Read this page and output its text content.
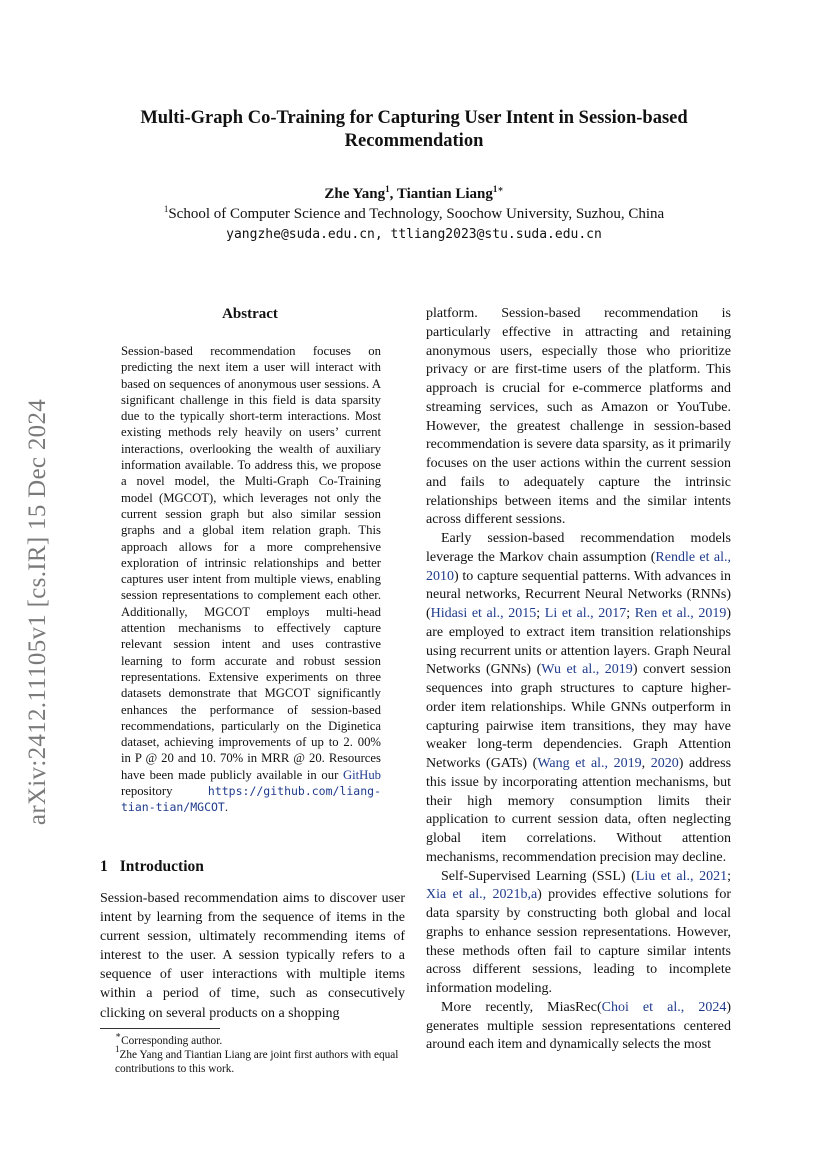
arXiv:2412.11105v1 [cs.IR] 15 Dec 2024
Multi-Graph Co-Training for Capturing User Intent in Session-based
Recommendation
Zhe Yang$^1$, Tiantian Liang$^{1∗}$
$^1$School of Computer Science and Technology, Soochow University, Suzhou, China
yangzhe@suda.edu.cn, ttliang2023@stu.suda.edu.cn
Abstract

Session-based recommendation focuses on predicting the next item a user will interact with based on sequences of anonymous user sessions. A significant challenge in this field is data sparsity due to the typically short-term interactions. Most existing methods rely heavily on users’ current interactions, overlooking the wealth of auxiliary information available. To address this, we propose a novel model, the Multi-Graph Co-Training model (MGCOT), which leverages not only the current session graph but also similar session graphs and a global item relation graph. This approach allows for a more comprehensive exploration of intrinsic relationships and better captures user intent from multiple views, enabling session representations to complement each other. Additionally, MGCOT employs multi-head attention mechanisms to effectively capture relevant session intent and uses contrastive learning to form accurate and robust session representations. Extensive experiments on three datasets demonstrate that MGCOT significantly enhances the performance of session-based recommendations, particularly on the Diginetica dataset, achieving improvements of up to 2. 00% in P @ 20 and 10. 70% in MRR @ 20. Resources have been made publicly available in our GitHub repository	https://github.com/liang-tian-tian/MGCOT.

1 Introduction

Session-based recommendation aims to discover user intent by learning from the sequence of items in the current session, ultimately recommending items of interest to the user. A session typically refers to a sequence of user interactions with multiple items within a period of time, such as consecutively clicking on several products on a shopping

∗Corresponding author.

$^1$Zhe Yang and Tiantian Liang are joint first authors with equal contributions to this work.

platform. Session-based recommendation is particularly effective in attracting and retaining anonymous users, especially those who prioritize privacy or are first-time users of the platform. This approach is crucial for e-commerce platforms and streaming services, such as Amazon or YouTube. However, the greatest challenge in session-based recommendation is severe data sparsity, as it primarily focuses on the user actions within the current session and fails to adequately capture the intrinsic relationships between items and the similar intents across different sessions.

Early session-based recommendation models leverage the Markov chain assumption (Rendle et al., 2010) to capture sequential patterns. With advances in neural networks, Recurrent Neural Networks (RNNs) (Hidasi et al., 2015; Li et al., 2017; Ren et al., 2019) are employed to extract item transition relationships using recurrent units or attention layers. Graph Neural Networks (GNNs) (Wu et al., 2019) convert session sequences into graph structures to capture higher-order item relationships. While GNNs outperform in capturing pairwise item transitions, they may have weaker long-term dependencies. Graph Attention Networks (GATs) (Wang et al., 2019, 2020) address this issue by incorporating attention mechanisms, but their high memory consumption limits their application to current session data, often neglecting global item correlations. Without attention mechanisms, recommendation precision may decline.

Self-Supervised Learning (SSL) (Liu et al., 2021; Xia et al., 2021b,a) provides effective solutions for data sparsity by constructing both global and local graphs to enhance session representations. However, these methods often fail to capture similar intents across different sessions, leading to incomplete information modeling.

More recently, MiasRec(Choi et al., 2024) generates multiple session representations centered around each item and dynamically selects the most
